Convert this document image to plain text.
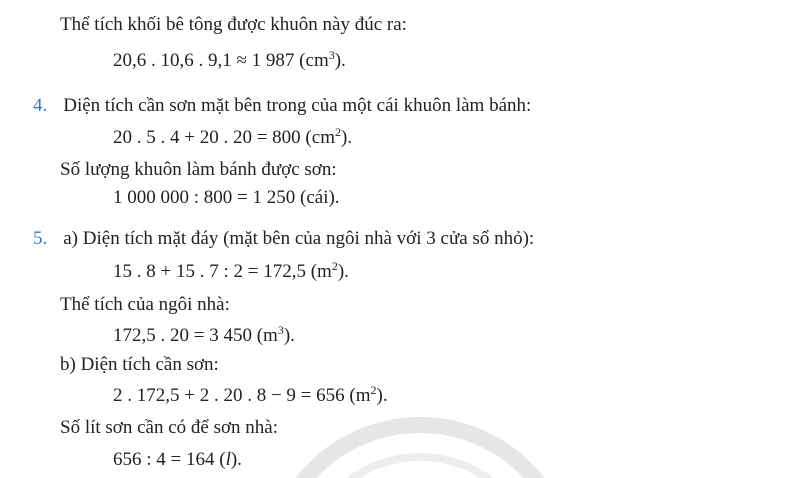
Thể tích khối bê tông được khuôn này đúc ra:
20,6 . 10,6 . 9,1 ≈ 1 987 $(cm^3)$.
4. Diện tích cần sơn mặt bên trong của một cái khuôn làm bánh:
20 . 5 . 4 + 20 . 20 = 800 $(cm^2)$.
Số lượng khuôn làm bánh được sơn:
1 000 000 : 800 = 1 250 (cái).
5. a) Diện tích mặt đáy (mặt bên của ngôi nhà với 3 cửa sổ nhỏ):
15 . 8 + 15 . 7 : 2 = 172,5 $(m^2)$.
Thể tích của ngôi nhà:
172,5 . 20 = 3 450 $(m^3)$.
b) Diện tích cần sơn:
2 . 172,5 + 2 . 20 . 8 − 9 = 656 $(m^2)$.
Số lít sơn cần có để sơn nhà:
656 : 4 = 164 (l).
